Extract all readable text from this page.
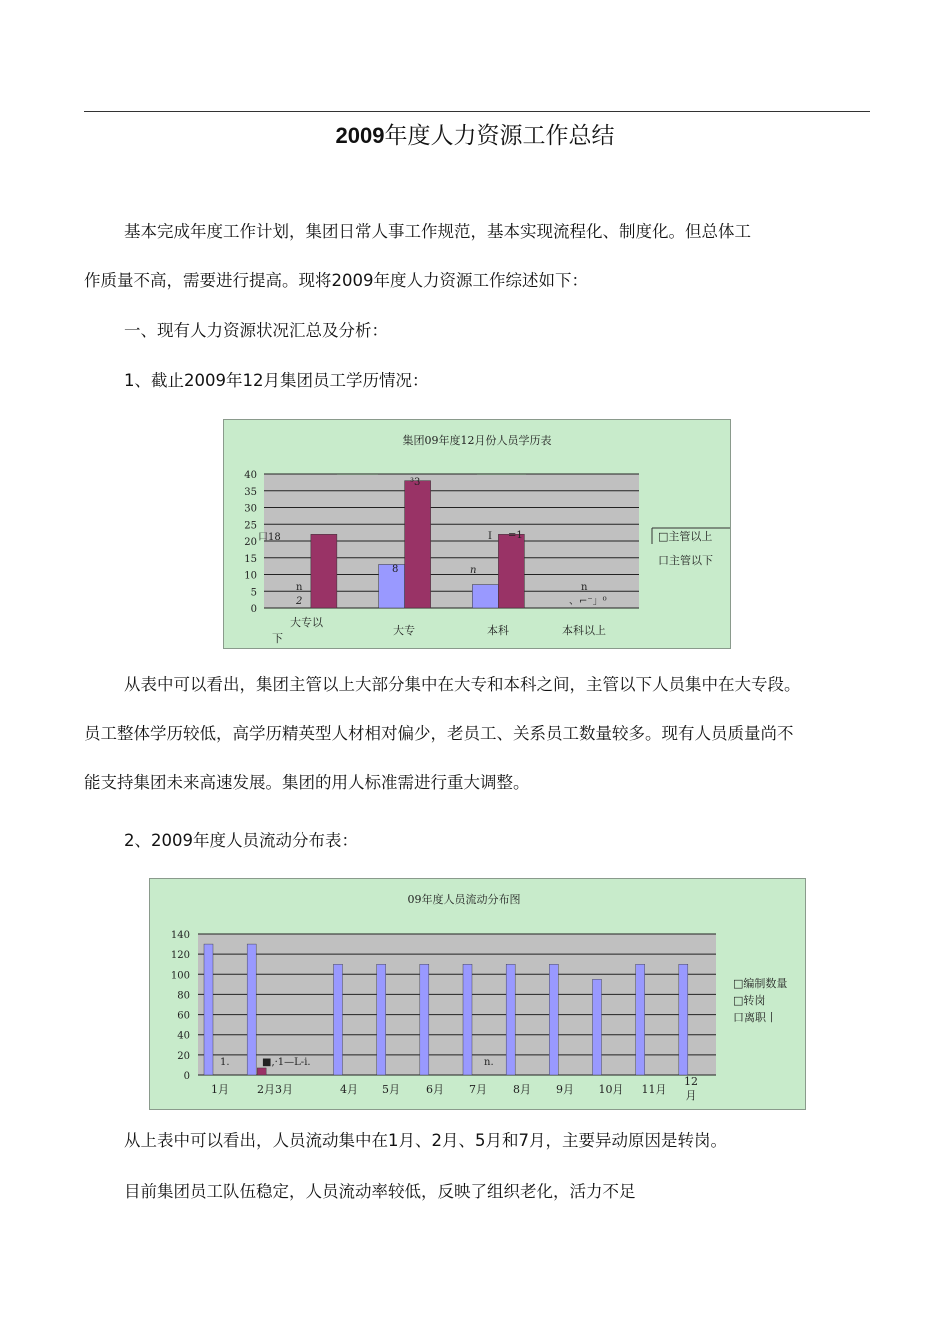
2009年度人力资源工作总结

基本完成年度工作计划，集团日常人事工作规范，基本实现流程化、制度化。但总体工

作质量不高，需要进行提高。现将2009年度人力资源工作综述如下：

一、现有人力资源状况汇总及分析：

1、截止2009年12月集团员工学历情况：

集团09年度12月份人员学历表
40
35
30
25
20
15
10
5
0
大专以下
大专	本科	本科以上
口18
n
2
³3
8
I =1
n
n
、⌐⁻」⁰
□主管以上
口主管以下

从表中可以看出，集团主管以上大部分集中在大专和本科之间，主管以下人员集中在大专段。

员工整体学历较低，高学历精英型人材相对偏少，老员工、关系员工数量较多。现有人员质量尚不

能支持集团未来高速发展。集团的用人标准需进行重大调整。

2、2009年度人员流动分布表：

09年度人员流动分布图
140
120
100
80
60
40
20
0
1月	2月3月	4月 5月 6月 7月 8月 9月 10月 11月
12
月
1.	■,·1—L-i.	n.
□编制数量
□转岗
口离职丨

从上表中可以看出，人员流动集中在1月、2月、5月和7月，主要异动原因是转岗。

目前集团员工队伍稳定，人员流动率较低，反映了组织老化，活力不足
